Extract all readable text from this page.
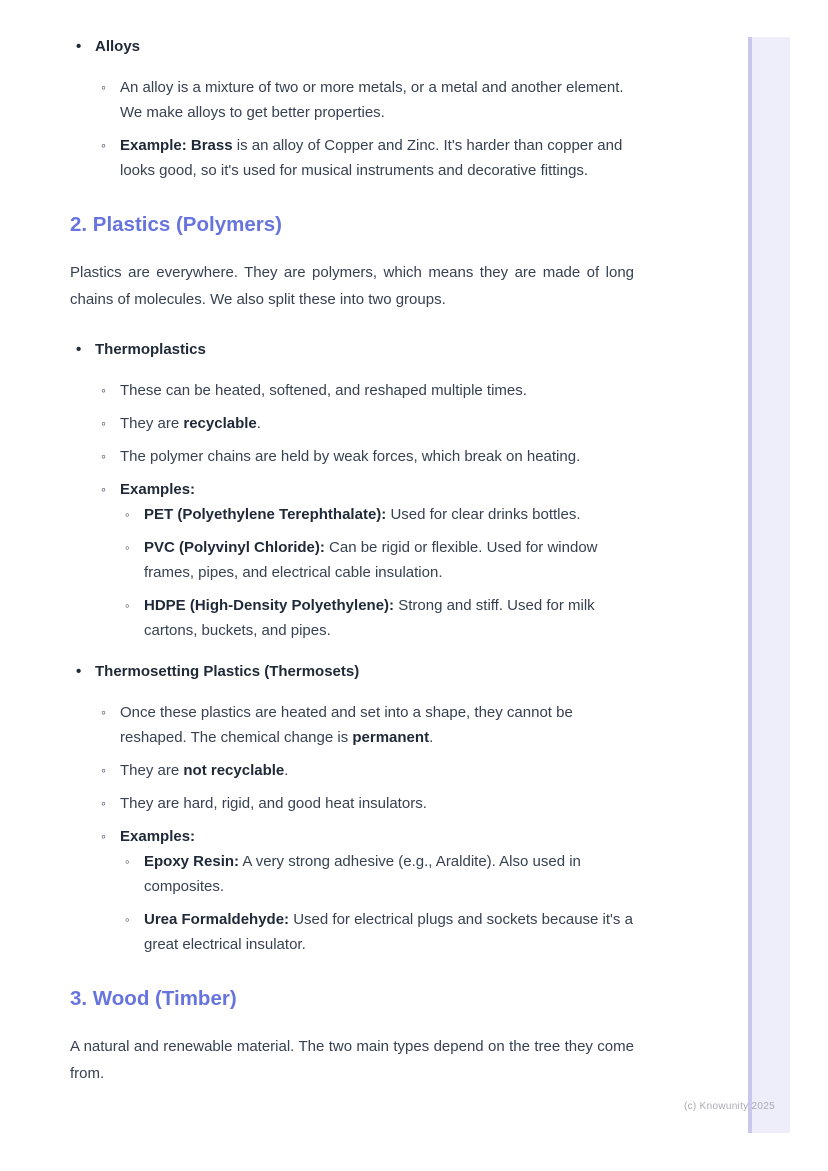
• Alloys
◦ An alloy is a mixture of two or more metals, or a metal and another element. We make alloys to get better properties.
◦ Example: Brass is an alloy of Copper and Zinc. It's harder than copper and looks good, so it's used for musical instruments and decorative fittings.
2. Plastics (Polymers)

Plastics are everywhere. They are polymers, which means they are made of long chains of molecules. We also split these into two groups.

• Thermoplastics
◦ These can be heated, softened, and reshaped multiple times.
◦ They are recyclable.
◦ The polymer chains are held by weak forces, which break on heating.
◦ Examples:
◦ PET (Polyethylene Terephthalate): Used for clear drinks bottles.
◦ PVC (Polyvinyl Chloride): Can be rigid or flexible. Used for window frames, pipes, and electrical cable insulation.
◦ HDPE (High-Density Polyethylene): Strong and stiff. Used for milk cartons, buckets, and pipes.
• Thermosetting Plastics (Thermosets)
◦ Once these plastics are heated and set into a shape, they cannot be reshaped. The chemical change is permanent.
◦ They are not recyclable.
◦ They are hard, rigid, and good heat insulators.
◦ Examples:
◦ Epoxy Resin: A very strong adhesive (e.g., Araldite). Also used in composites.
◦ Urea Formaldehyde: Used for electrical plugs and sockets because it's a great electrical insulator.
3. Wood (Timber)

A natural and renewable material. The two main types depend on the tree they come from.

(c) Knowunity 2025
